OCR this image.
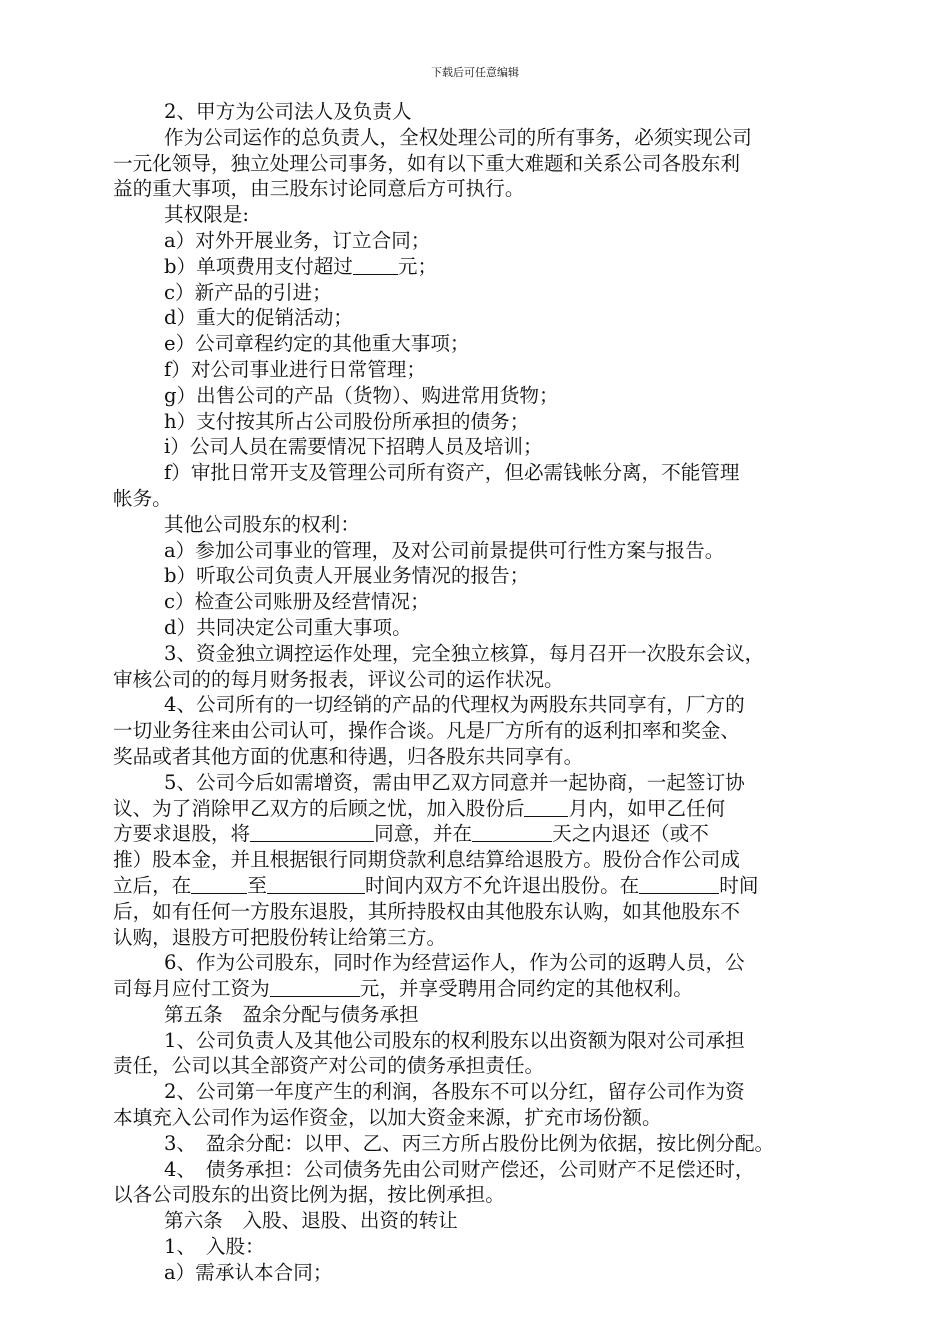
下载后可任意编辑
2、甲方为公司法人及负责人
作为公司运作的总负责人，全权处理公司的所有事务，必须实现公司
一元化领导，独立处理公司事务，如有以下重大难题和关系公司各股东利
益的重大事项，由三股东讨论同意后方可执行。
其权限是:
a）对外开展业务，订立合同；
b）单项费用支付超过 元；
c）新产品的引进；
d）重大的促销活动；
e）公司章程约定的其他重大事项；
f）对公司事业进行日常管理；
g）出售公司的产品（货物）、购进常用货物；
h）支付按其所占公司股份所承担的债务；
i）公司人员在需要情况下招聘人员及培训；
f）审批日常开支及管理公司所有资产，但必需钱帐分离，不能管理
帐务。
其他公司股东的权利：
a）参加公司事业的管理，及对公司前景提供可行性方案与报告。
b）听取公司负责人开展业务情况的报告；
c）检查公司账册及经营情况；
d）共同决定公司重大事项。
3、资金独立调控运作处理，完全独立核算，每月召开一次股东会议，
审核公司的的每月财务报表，评议公司的运作状况。
4、公司所有的一切经销的产品的代理权为两股东共同享有，厂方的
一切业务往来由公司认可，操作合谈。凡是厂方所有的返利扣率和奖金、
奖品或者其他方面的优惠和待遇，归各股东共同享有。
5、公司今后如需增资，需由甲乙双方同意并一起协商，一起签订协
议、为了消除甲乙双方的后顾之忧，加入股份后 月内，如甲乙任何
方要求退股，将	同意，并在	天之内退还（或不
推）股本金，并且根据银行同期贷款利息结算给退股方。股份合作公司成
立后，在	至	时间内双方不允许退出股份。在	时间
后，如有任何一方股东退股，其所持股权由其他股东认购，如其他股东不
认购，退股方可把股份转让给第三方。
6、作为公司股东，同时作为经营运作人，作为公司的返聘人员，公
司每月应付工资为	元，并享受聘用合同约定的其他权利。
第五条　盈余分配与债务承担
1、公司负责人及其他公司股东的权利股东以出资额为限对公司承担
责任，公司以其全部资产对公司的债务承担责任。
2、公司第一年度产生的利润，各股东不可以分红，留存公司作为资
本填充入公司作为运作资金，以加大资金来源，扩充市场份额。
3、　盈余分配：以甲、乙、丙三方所占股份比例为依据，按比例分配。
4、　债务承担：公司债务先由公司财产偿还，公司财产不足偿还时，
以各公司股东的出资比例为据，按比例承担。
第六条　入股、退股、出资的转让
1、　入股：
a）需承认本合同；
